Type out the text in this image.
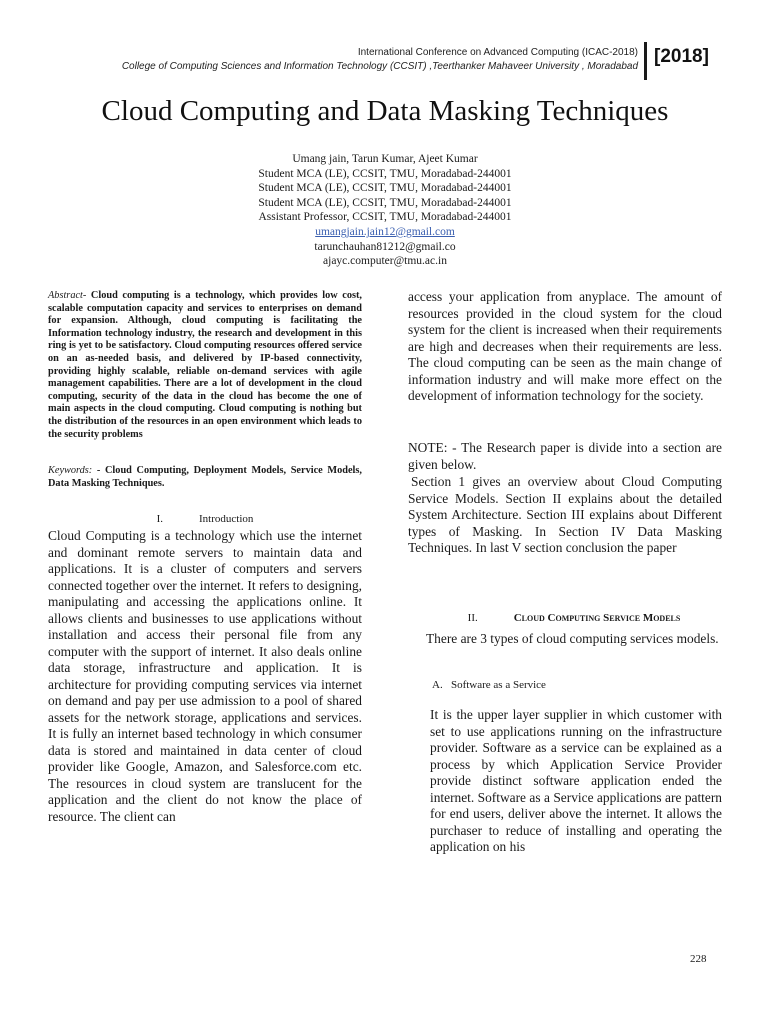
International Conference on Advanced Computing (ICAC-2018)
College of Computing Sciences and Information Technology (CCSIT) ,Teerthanker Mahaveer University , Moradabad [2018]
Cloud Computing and Data Masking Techniques
Umang jain, Tarun Kumar, Ajeet Kumar
Student MCA (LE), CCSIT, TMU, Moradabad-244001
Student MCA (LE), CCSIT, TMU, Moradabad-244001
Student MCA (LE), CCSIT, TMU, Moradabad-244001
Assistant Professor, CCSIT, TMU, Moradabad-244001
umangjain.jain12@gmail.com
tarunchauhan81212@gmail.co
ajayc.computer@tmu.ac.in
Abstract- Cloud computing is a technology, which provides low cost, scalable computation capacity and services to enterprises on demand for expansion. Although, cloud computing is facilitating the Information technology industry, the research and development in this ring is yet to be satisfactory. Cloud computing resources offered service on an as-needed basis, and delivered by IP-based connectivity, providing highly scalable, reliable on-demand services with agile management capabilities. There are a lot of development in the cloud computing, security of the data in the cloud has become the one of main aspects in the cloud computing. Cloud computing is nothing but the distribution of the resources in an open environment which leads to the security problems
Keywords: - Cloud Computing, Deployment Models, Service Models, Data Masking Techniques.
I.	Introduction
Cloud Computing is a technology which use the internet and dominant remote servers to maintain data and applications. It is a cluster of computers and servers connected together over the internet. It refers to designing, manipulating and accessing the applications online. It allows clients and businesses to use applications without installation and access their personal file from any computer with the support of internet. It also deals online data storage, infrastructure and application. It is architecture for providing computing services via internet on demand and pay per use admission to a pool of shared assets for the network storage, applications and services. It is fully an internet based technology in which consumer data is stored and maintained in data center of cloud provider like Google, Amazon, and Salesforce.com etc. The resources in cloud system are translucent for the application and the client do not know the place of resource. The client can
access your application from anyplace. The amount of resources provided in the cloud system for the cloud system for the client is increased when their requirements are high and decreases when their requirements are less. The cloud computing can be seen as the main change of information industry and will make more effect on the development of information technology for the society.
NOTE: - The Research paper is divide into a section are given below.
Section 1 gives an overview about Cloud Computing Service Models. Section II explains about the detailed System Architecture. Section III explains about Different types of Masking. In Section IV Data Masking Techniques. In last V section conclusion the paper
II.	Cloud Computing Service Models
There are 3 types of cloud computing services models.
A. Software as a Service
It is the upper layer supplier in which customer with set to use applications running on the infrastructure provider. Software as a service can be explained as a process by which Application Service Provider provide distinct software application ended the internet. Software as a Service applications are pattern for end users, deliver above the internet. It allows the purchaser to reduce of installing and operating the application on his
228
